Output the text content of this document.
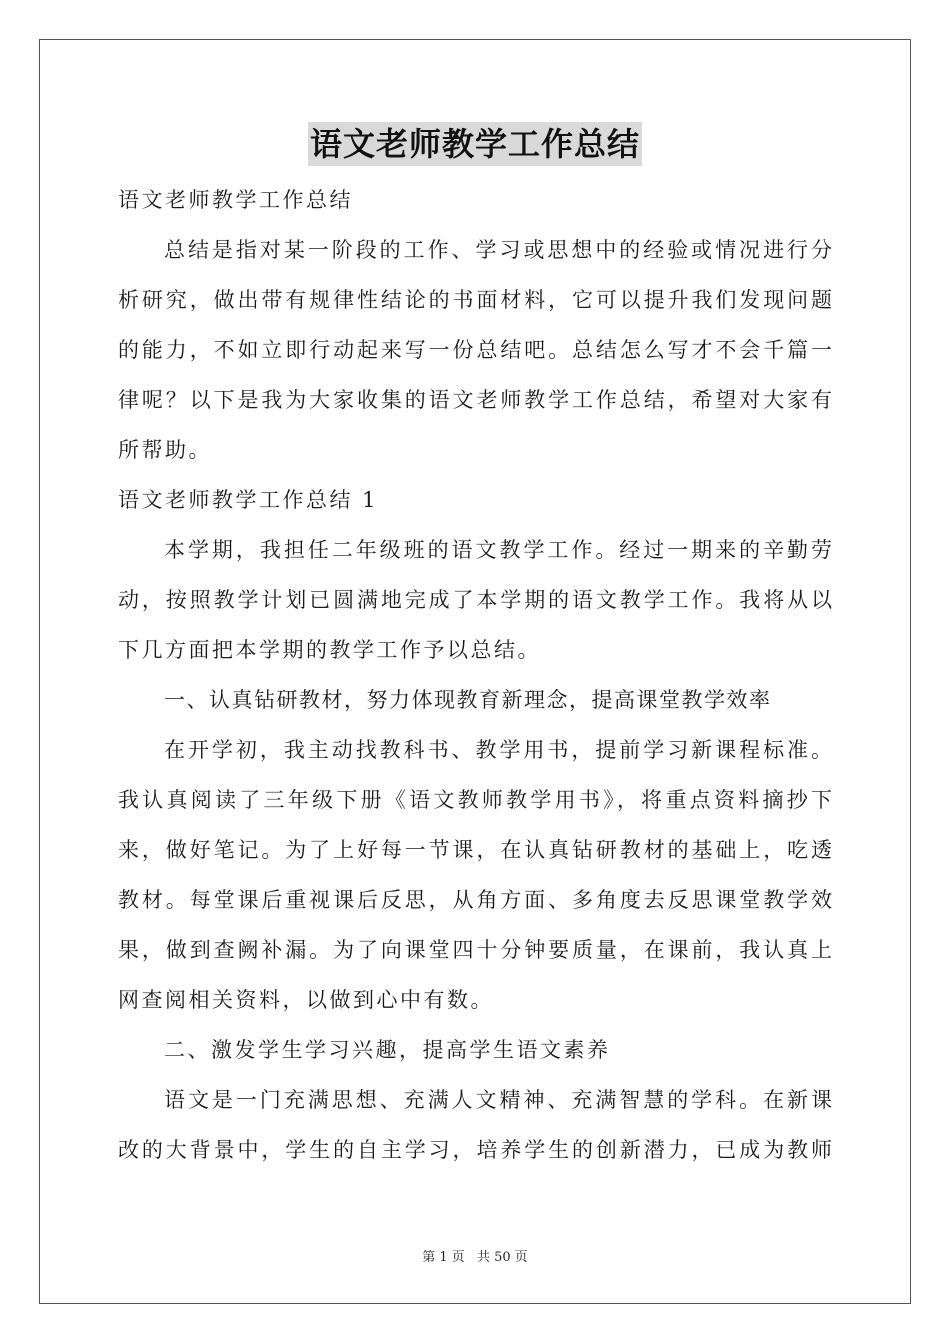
语文老师教学工作总结
语文老师教学工作总结
总结是指对某一阶段的工作、学习或思想中的经验或情况进行分
析研究，做出带有规律性结论的书面材料，它可以提升我们发现问题
的能力，不如立即行动起来写一份总结吧。总结怎么写才不会千篇一
律呢？以下是我为大家收集的语文老师教学工作总结，希望对大家有
所帮助。
语文老师教学工作总结 1
本学期，我担任二年级班的语文教学工作。经过一期来的辛勤劳
动，按照教学计划已圆满地完成了本学期的语文教学工作。我将从以
下几方面把本学期的教学工作予以总结。
一、认真钻研教材，努力体现教育新理念，提高课堂教学效率
在开学初，我主动找教科书、教学用书，提前学习新课程标准。
我认真阅读了三年级下册《语文教师教学用书》，将重点资料摘抄下
来，做好笔记。为了上好每一节课，在认真钻研教材的基础上，吃透
教材。每堂课后重视课后反思，从角方面、多角度去反思课堂教学效
果，做到查阙补漏。为了向课堂四十分钟要质量，在课前，我认真上
网查阅相关资料，以做到心中有数。
二、激发学生学习兴趣，提高学生语文素养
语文是一门充满思想、充满人文精神、充满智慧的学科。在新课
改的大背景中，学生的自主学习，培养学生的创新潜力，已成为教师
第 1 页 共 50 页
